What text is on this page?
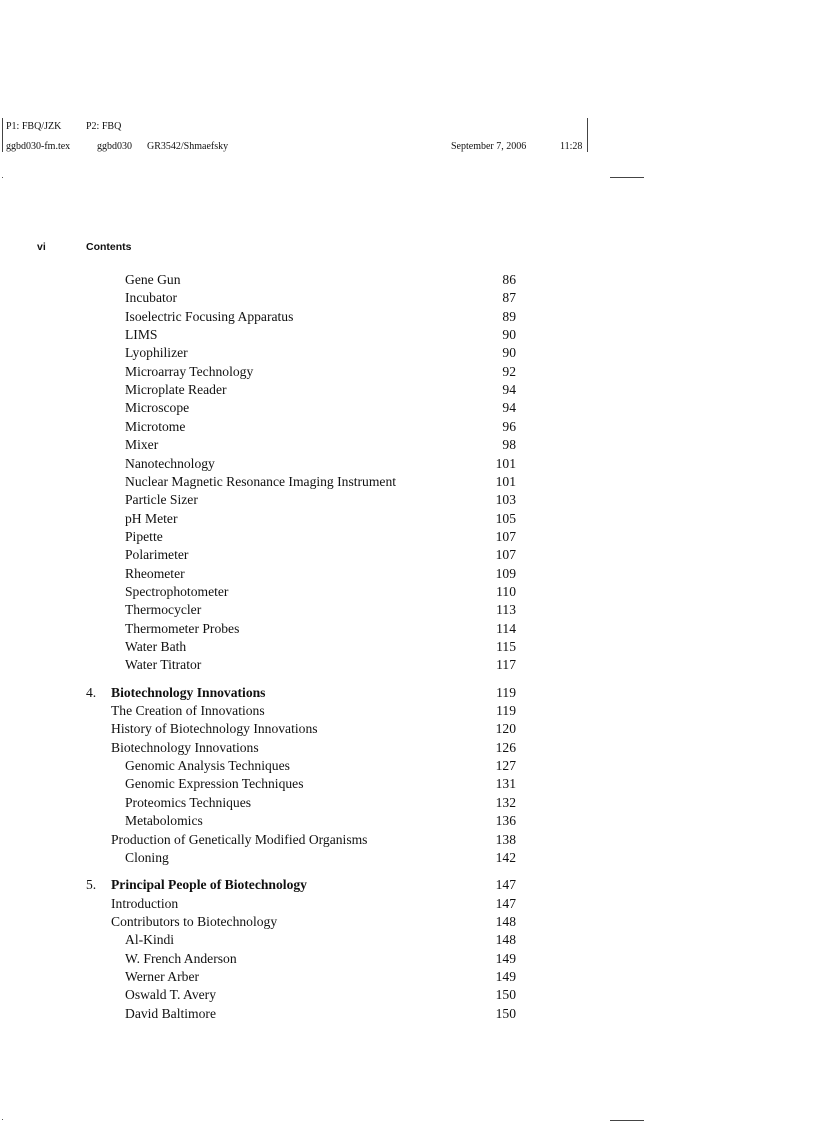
P1: FBQ/JZK P2: FBQ
ggbd030-fm.tex	ggbd030 GR3542/Shmaefsky	September 7, 2006	11:28
vi	Contents
Gene Gun	86
Incubator	87
Isoelectric Focusing Apparatus	89
LIMS	90
Lyophilizer	90
Microarray Technology	92
Microplate Reader	94
Microscope	94
Microtome	96
Mixer	98
Nanotechnology	101
Nuclear Magnetic Resonance Imaging Instrument	101
Particle Sizer	103
pH Meter	105
Pipette	107
Polarimeter	107
Rheometer	109
Spectrophotometer	110
Thermocycler	113
Thermometer Probes	114
Water Bath	115
Water Titrator	117
4.	Biotechnology Innovations	119
The Creation of Innovations	119
History of Biotechnology Innovations	120
Biotechnology Innovations	126
Genomic Analysis Techniques	127
Genomic Expression Techniques	131
Proteomics Techniques	132
Metabolomics	136
Production of Genetically Modified Organisms	138
Cloning	142
5.	Principal People of Biotechnology	147
Introduction	147
Contributors to Biotechnology	148
Al-Kindi	148
W. French Anderson	149
Werner Arber	149
Oswald T. Avery	150
David Baltimore	150
